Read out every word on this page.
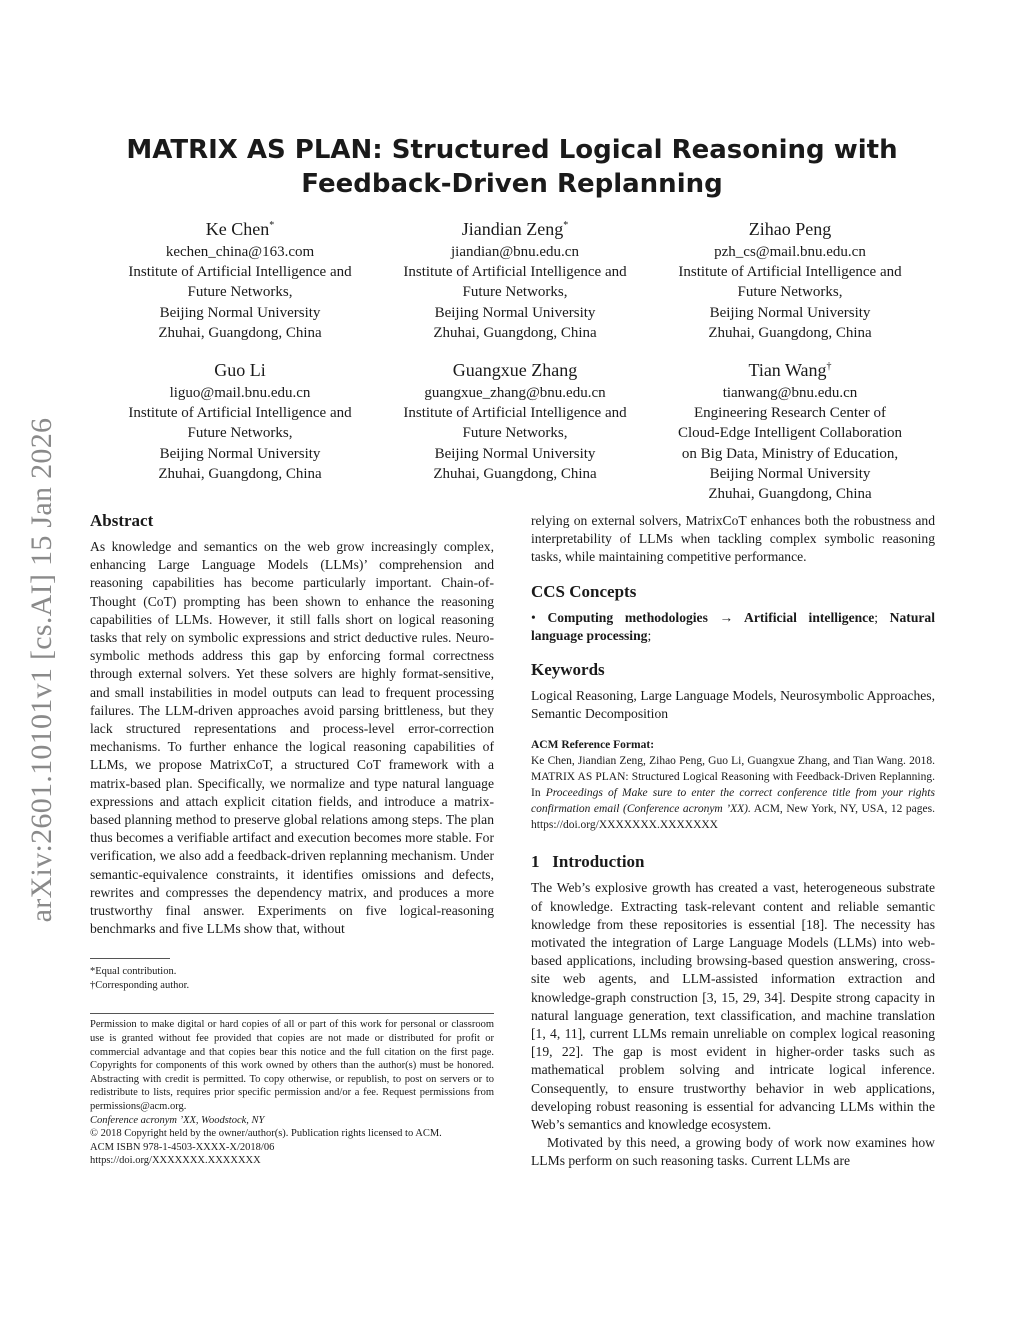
arXiv:2601.10101v1 [cs.AI] 15 Jan 2026
MATRIX AS PLAN: Structured Logical Reasoning with Feedback-Driven Replanning
Ke Chen*
kechen_china@163.com
Institute of Artificial Intelligence and
Future Networks,
Beijing Normal University
Zhuhai, Guangdong, China
Jiandian Zeng*
jiandian@bnu.edu.cn
Institute of Artificial Intelligence and
Future Networks,
Beijing Normal University
Zhuhai, Guangdong, China
Zihao Peng
pzh_cs@mail.bnu.edu.cn
Institute of Artificial Intelligence and
Future Networks,
Beijing Normal University
Zhuhai, Guangdong, China
Guo Li
liguo@mail.bnu.edu.cn
Institute of Artificial Intelligence and
Future Networks,
Beijing Normal University
Zhuhai, Guangdong, China
Guangxue Zhang
guangxue_zhang@bnu.edu.cn
Institute of Artificial Intelligence and
Future Networks,
Beijing Normal University
Zhuhai, Guangdong, China
Tian Wang†
tianwang@bnu.edu.cn
Engineering Research Center of
Cloud-Edge Intelligent Collaboration
on Big Data, Ministry of Education,
Beijing Normal University
Zhuhai, Guangdong, China
Abstract

As knowledge and semantics on the web grow increasingly complex, enhancing Large Language Models (LLMs)’ comprehension and reasoning capabilities has become particularly important. Chain-of-Thought (CoT) prompting has been shown to enhance the reasoning capabilities of LLMs. However, it still falls short on logical reasoning tasks that rely on symbolic expressions and strict deductive rules. Neuro-symbolic methods address this gap by enforcing formal correctness through external solvers. Yet these solvers are highly format-sensitive, and small instabilities in model outputs can lead to frequent processing failures. The LLM-driven approaches avoid parsing brittleness, but they lack structured representations and process-level error-correction mechanisms. To further enhance the logical reasoning capabilities of LLMs, we propose MatrixCoT, a structured CoT framework with a matrix-based plan. Specifically, we normalize and type natural language expressions and attach explicit citation fields, and introduce a matrix-based planning method to preserve global relations among steps. The plan thus becomes a verifiable artifact and execution becomes more stable. For verification, we also add a feedback-driven replanning mechanism. Under semantic-equivalence constraints, it identifies omissions and defects, rewrites and compresses the dependency matrix, and produces a more trustworthy final answer. Experiments on five logical-reasoning benchmarks and five LLMs show that, without

*Equal contribution.
†Corresponding author.

Permission to make digital or hard copies of all or part of this work for personal or classroom use is granted without fee provided that copies are not made or distributed for profit or commercial advantage and that copies bear this notice and the full citation on the first page. Copyrights for components of this work owned by others than the author(s) must be honored. Abstracting with credit is permitted. To copy otherwise, or republish, to post on servers or to redistribute to lists, requires prior specific permission and/or a fee. Request permissions from permissions@acm.org.

Conference acronym ’XX, Woodstock, NY

© 2018 Copyright held by the owner/author(s). Publication rights licensed to ACM.

ACM ISBN 978-1-4503-XXXX-X/2018/06

https://doi.org/XXXXXXX.XXXXXXX

relying on external solvers, MatrixCoT enhances both the robustness and interpretability of LLMs when tackling complex symbolic reasoning tasks, while maintaining competitive performance.

CCS Concepts

• Computing methodologies → Artificial intelligence; Natural language processing;

Keywords

Logical Reasoning, Large Language Models, Neurosymbolic Approaches, Semantic Decomposition

ACM Reference Format:

Ke Chen, Jiandian Zeng, Zihao Peng, Guo Li, Guangxue Zhang, and Tian Wang. 2018. MATRIX AS PLAN: Structured Logical Reasoning with Feedback-Driven Replanning. In Proceedings of Make sure to enter the correct conference title from your rights confirmation email (Conference acronym ’XX). ACM, New York, NY, USA, 12 pages. https://doi.org/XXXXXXX.XXXXXXX

1 Introduction

The Web’s explosive growth has created a vast, heterogeneous substrate of knowledge. Extracting task-relevant content and reliable semantic knowledge from these repositories is essential [18]. The necessity has motivated the integration of Large Language Models (LLMs) into web-based applications, including browsing-based question answering, cross-site web agents, and LLM-assisted information extraction and knowledge-graph construction [3, 15, 29, 34]. Despite strong capacity in natural language generation, text classification, and machine translation [1, 4, 11], current LLMs remain unreliable on complex logical reasoning [19, 22]. The gap is most evident in higher-order tasks such as mathematical problem solving and intricate logical inference. Consequently, to ensure trustworthy behavior in web applications, developing robust reasoning is essential for advancing LLMs within the Web’s semantics and knowledge ecosystem.

Motivated by this need, a growing body of work now examines how LLMs perform on such reasoning tasks. Current LLMs are
